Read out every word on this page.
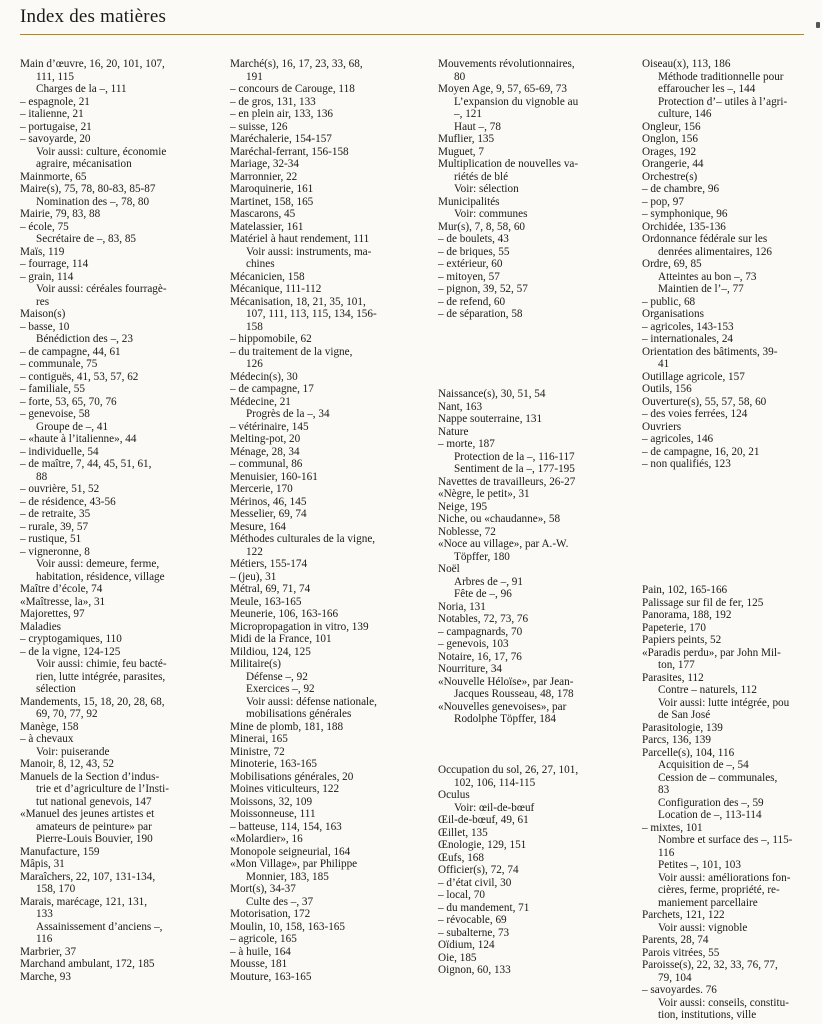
Index des matières
Main d’œuvre, 16, 20, 101, 107,
111, 115
Charges de la –, 111
– espagnole, 21
– italienne, 21
– portugaise, 21
– savoyarde, 20
Voir aussi: culture, économie
agraire, mécanisation
Mainmorte, 65
Maire(s), 75, 78, 80-83, 85-87
Nomination des –, 78, 80
Mairie, 79, 83, 88
– école, 75
Secrétaire de –, 83, 85
Maïs, 119
– fourrage, 114
– grain, 114
Voir aussi: céréales fourragè-
res
Maison(s)
– basse, 10
Bénédiction des –, 23
– de campagne, 44, 61
– communale, 75
– contiguës, 41, 53, 57, 62
– familiale, 55
– forte, 53, 65, 70, 76
– genevoise, 58
Groupe de –, 41
– «haute à l’italienne», 44
– individuelle, 54
– de maître, 7, 44, 45, 51, 61,
88
– ouvrière, 51, 52
– de résidence, 43-56
– de retraite, 35
– rurale, 39, 57
– rustique, 51
– vigneronne, 8
Voir aussi: demeure, ferme,
habitation, résidence, village
Maître d’école, 74
«Maîtresse, la», 31
Majorettes, 97
Maladies
– cryptogamiques, 110
– de la vigne, 124-125
Voir aussi: chimie, feu bacté-
rien, lutte intégrée, parasites,
sélection
Mandements, 15, 18, 20, 28, 68,
69, 70, 77, 92
Manège, 158
– à chevaux
Voir: puiserande
Manoir, 8, 12, 43, 52
Manuels de la Section d’indus-
trie et d’agriculture de l’Insti-
tut national genevois, 147
«Manuel des jeunes artistes et
amateurs de peinture» par
Pierre-Louis Bouvier, 190
Manufacture, 159
Mâpis, 31
Maraîchers, 22, 107, 131-134,
158, 170
Marais, marécage, 121, 131,
133
Assainissement d’anciens –,
116
Marbrier, 37
Marchand ambulant, 172, 185
Marche, 93
Marché(s), 16, 17, 23, 33, 68,
191
– concours de Carouge, 118
– de gros, 131, 133
– en plein air, 133, 136
– suisse, 126
Maréchalerie, 154-157
Maréchal-ferrant, 156-158
Mariage, 32-34
Marronnier, 22
Maroquinerie, 161
Martinet, 158, 165
Mascarons, 45
Matelassier, 161
Matériel à haut rendement, 111
Voir aussi: instruments, ma-
chines
Mécanicien, 158
Mécanique, 111-112
Mécanisation, 18, 21, 35, 101,
107, 111, 113, 115, 134, 156-
158
– hippomobile, 62
– du traitement de la vigne,
126
Médecin(s), 30
– de campagne, 17
Médecine, 21
Progrès de la –, 34
– vétérinaire, 145
Melting-pot, 20
Ménage, 28, 34
– communal, 86
Menuisier, 160-161
Mercerie, 170
Mérinos, 46, 145
Messelier, 69, 74
Mesure, 164
Méthodes culturales de la vigne,
122
Métiers, 155-174
– (jeu), 31
Métral, 69, 71, 74
Meule, 163-165
Meunerie, 106, 163-166
Micropropagation in vitro, 139
Midi de la France, 101
Mildiou, 124, 125
Militaire(s)
Défense –, 92
Exercices –, 92
Voir aussi: défense nationale,
mobilisations générales
Mine de plomb, 181, 188
Minerai, 165
Ministre, 72
Minoterie, 163-165
Mobilisations générales, 20
Moines viticulteurs, 122
Moissons, 32, 109
Moissonneuse, 111
– batteuse, 114, 154, 163
«Molardier», 16
Monopole seigneurial, 164
«Mon Village», par Philippe
Monnier, 183, 185
Mort(s), 34-37
Culte des –, 37
Motorisation, 172
Moulin, 10, 158, 163-165
– agricole, 165
– à huile, 164
Mousse, 181
Mouture, 163-165
Mouvements révolutionnaires,
80
Moyen Age, 9, 57, 65-69, 73
L’expansion du vignoble au
–, 121
Haut –, 78
Muflier, 135
Muguet, 7
Multiplication de nouvelles va-
riétés de blé
Voir: sélection
Municipalités
Voir: communes
Mur(s), 7, 8, 58, 60
– de boulets, 43
– de briques, 55
– extérieur, 60
– mitoyen, 57
– pignon, 39, 52, 57
– de refend, 60
– de séparation, 58
Naissance(s), 30, 51, 54
Nant, 163
Nappe souterraine, 131
Nature
– morte, 187
Protection de la –, 116-117
Sentiment de la –, 177-195
Navettes de travailleurs, 26-27
«Nègre, le petit», 31
Neige, 195
Niche, ou «chaudanne», 58
Noblesse, 72
«Noce au village», par A.-W.
Töpffer, 180
Noël
Arbres de –, 91
Fête de –, 96
Noria, 131
Notables, 72, 73, 76
– campagnards, 70
– genevois, 103
Notaire, 16, 17, 76
Nourriture, 34
«Nouvelle Héloïse», par Jean-
Jacques Rousseau, 48, 178
«Nouvelles genevoises», par
Rodolphe Töpffer, 184
Occupation du sol, 26, 27, 101,
102, 106, 114-115
Oculus
Voir: œil-de-bœuf
Œil-de-bœuf, 49, 61
Œillet, 135
Œnologie, 129, 151
Œufs, 168
Officier(s), 72, 74
– d’état civil, 30
– local, 70
– du mandement, 71
– révocable, 69
– subalterne, 73
Oïdium, 124
Oie, 185
Oignon, 60, 133
Oiseau(x), 113, 186
Méthode traditionnelle pour
effaroucher les –, 144
Protection d’– utiles à l’agri-
culture, 146
Ongleur, 156
Onglon, 156
Orages, 192
Orangerie, 44
Orchestre(s)
– de chambre, 96
– pop, 97
– symphonique, 96
Orchidée, 135-136
Ordonnance fédérale sur les
denrées alimentaires, 126
Ordre, 69, 85
Atteintes au bon –, 73
Maintien de l’–, 77
– public, 68
Organisations
– agricoles, 143-153
– internationales, 24
Orientation des bâtiments, 39-
41
Outillage agricole, 157
Outils, 156
Ouverture(s), 55, 57, 58, 60
– des voies ferrées, 124
Ouvriers
– agricoles, 146
– de campagne, 16, 20, 21
– non qualifiés, 123
Pain, 102, 165-166
Palissage sur fil de fer, 125
Panorama, 188, 192
Papeterie, 170
Papiers peints, 52
«Paradis perdu», par John Mil-
ton, 177
Parasites, 112
Contre – naturels, 112
Voir aussi: lutte intégrée, pou
de San José
Parasitologie, 139
Parcs, 136, 139
Parcelle(s), 104, 116
Acquisition de –, 54
Cession de – communales,
83
Configuration des –, 59
Location de –, 113-114
– mixtes, 101
Nombre et surface des –, 115-
116
Petites –, 101, 103
Voir aussi: améliorations fon-
cières, ferme, propriété, re-
maniement parcellaire
Parchets, 121, 122
Voir aussi: vignoble
Parents, 28, 74
Parois vitrées, 55
Paroisse(s), 22, 32, 33, 76, 77,
79, 104
– savoyardes. 76
Voir aussi: conseils, constitu-
tion, institutions, ville
